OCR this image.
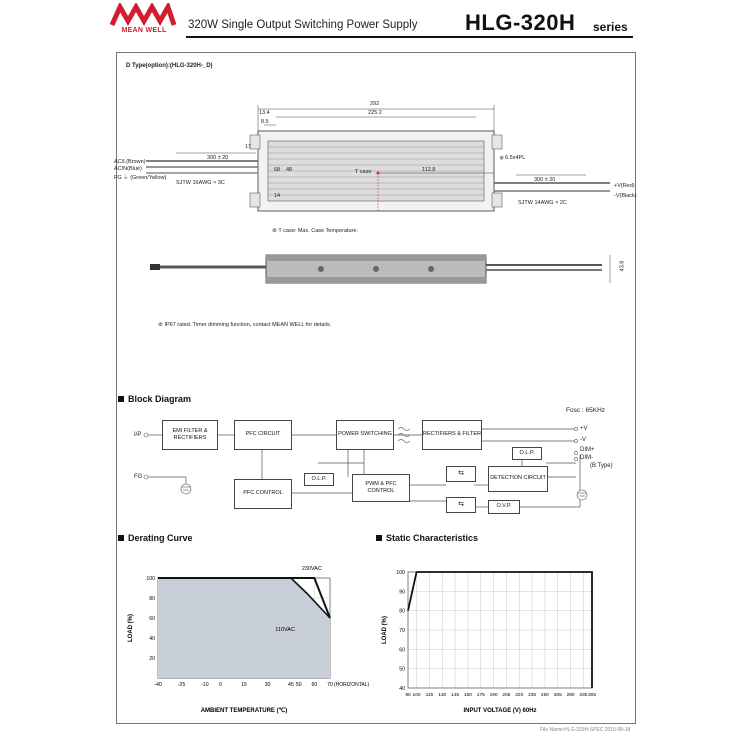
MEAN WELL	320W Single Output Switching Power Supply HLG-320H series
D Type(option):(HLG-320H-_D)
292
225.2
13.4
8.5
17
68 48
14
112.8
φ 6.5x4PL
T case
300 ± 20
300 ± 20
AC/L(Brown)
AC/N(Blue)
FG ⏚ (Green/Yellow)
SJTW 16AWG × 3C
SJTW 14AWG × 2C
+V(Red)
-V(Black)
⑧ T case: Max. Case Temperature.
43.8
⑧ IP67 rated. Timer dimming function, contact MEAN WELL for details.
Block Diagram
Fosc : 65KHz
I/P
FG
EMI FILTER & RECTIFIERS
PFC CIRCUIT	POWER SWITCHING	RECTIFIERS & FILTER
O.L.P.
O.L.P.
PFC CONTROL
PWM & PFC CONTROL
⇆
⇆
DETECTION CIRCUIT
O.V.P.
+V
-V
DIM+
DIM-
(B Type)
Derating Curve
-40	-25	-10 0	15	30	45 50 60 70
20
40
60
80
100
230VAC
110VAC
(HORIZONTAL)
AMBIENT TEMPERATURE (℃)
LOAD (%)
Static Characteristics
90 100 115 130 145 160 175 190 205 220 235 250 265 280 295 305
40
50
60
70
80
90
100
INPUT VOLTAGE (V) 60Hz
LOAD (%)
File Name:HLG-320H-SPEC 2015-08-18
